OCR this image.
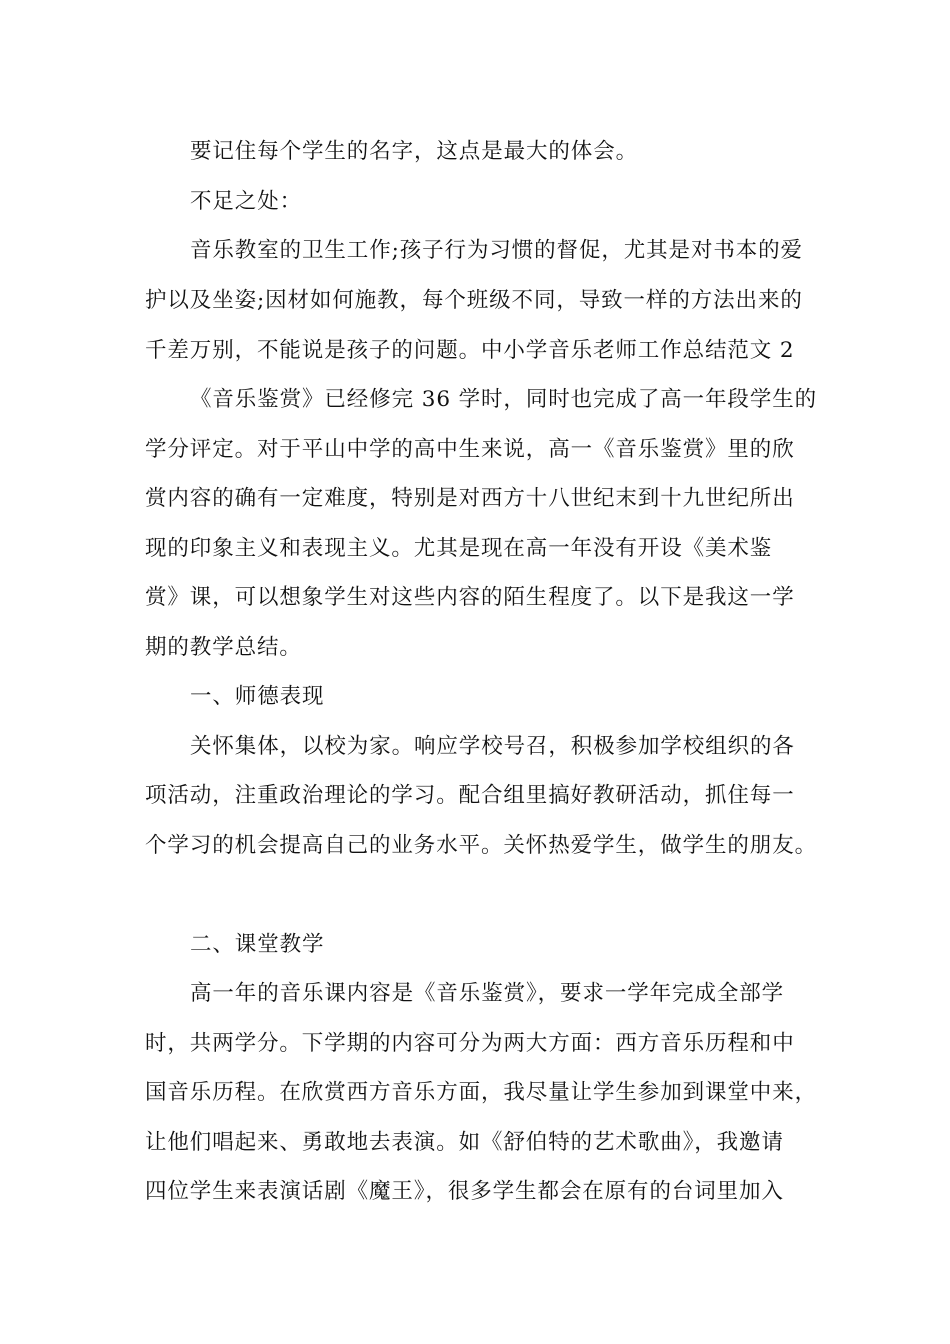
要记住每个学生的名字，这点是最大的体会。
不足之处：
音乐教室的卫生工作;孩子行为习惯的督促，尤其是对书本的爱
护以及坐姿;因材如何施教，每个班级不同，导致一样的方法出来的
千差万别，不能说是孩子的问题。中小学音乐老师工作总结范文 2
《音乐鉴赏》已经修完 36 学时，同时也完成了高一年段学生的
学分评定。对于平山中学的高中生来说，高一《音乐鉴赏》里的欣
赏内容的确有一定难度，特别是对西方十八世纪末到十九世纪所出
现的印象主义和表现主义。尤其是现在高一年没有开设《美术鉴
赏》课，可以想象学生对这些内容的陌生程度了。以下是我这一学
期的教学总结。
一、师德表现
关怀集体，以校为家。响应学校号召，积极参加学校组织的各
项活动，注重政治理论的学习。配合组里搞好教研活动，抓住每一
个学习的机会提高自己的业务水平。关怀热爱学生，做学生的朋友。
二、课堂教学
高一年的音乐课内容是《音乐鉴赏》，要求一学年完成全部学
时，共两学分。下学期的内容可分为两大方面：西方音乐历程和中
国音乐历程。在欣赏西方音乐方面，我尽量让学生参加到课堂中来，
让他们唱起来、勇敢地去表演。如《舒伯特的艺术歌曲》，我邀请
四位学生来表演话剧《魔王》，很多学生都会在原有的台词里加入
